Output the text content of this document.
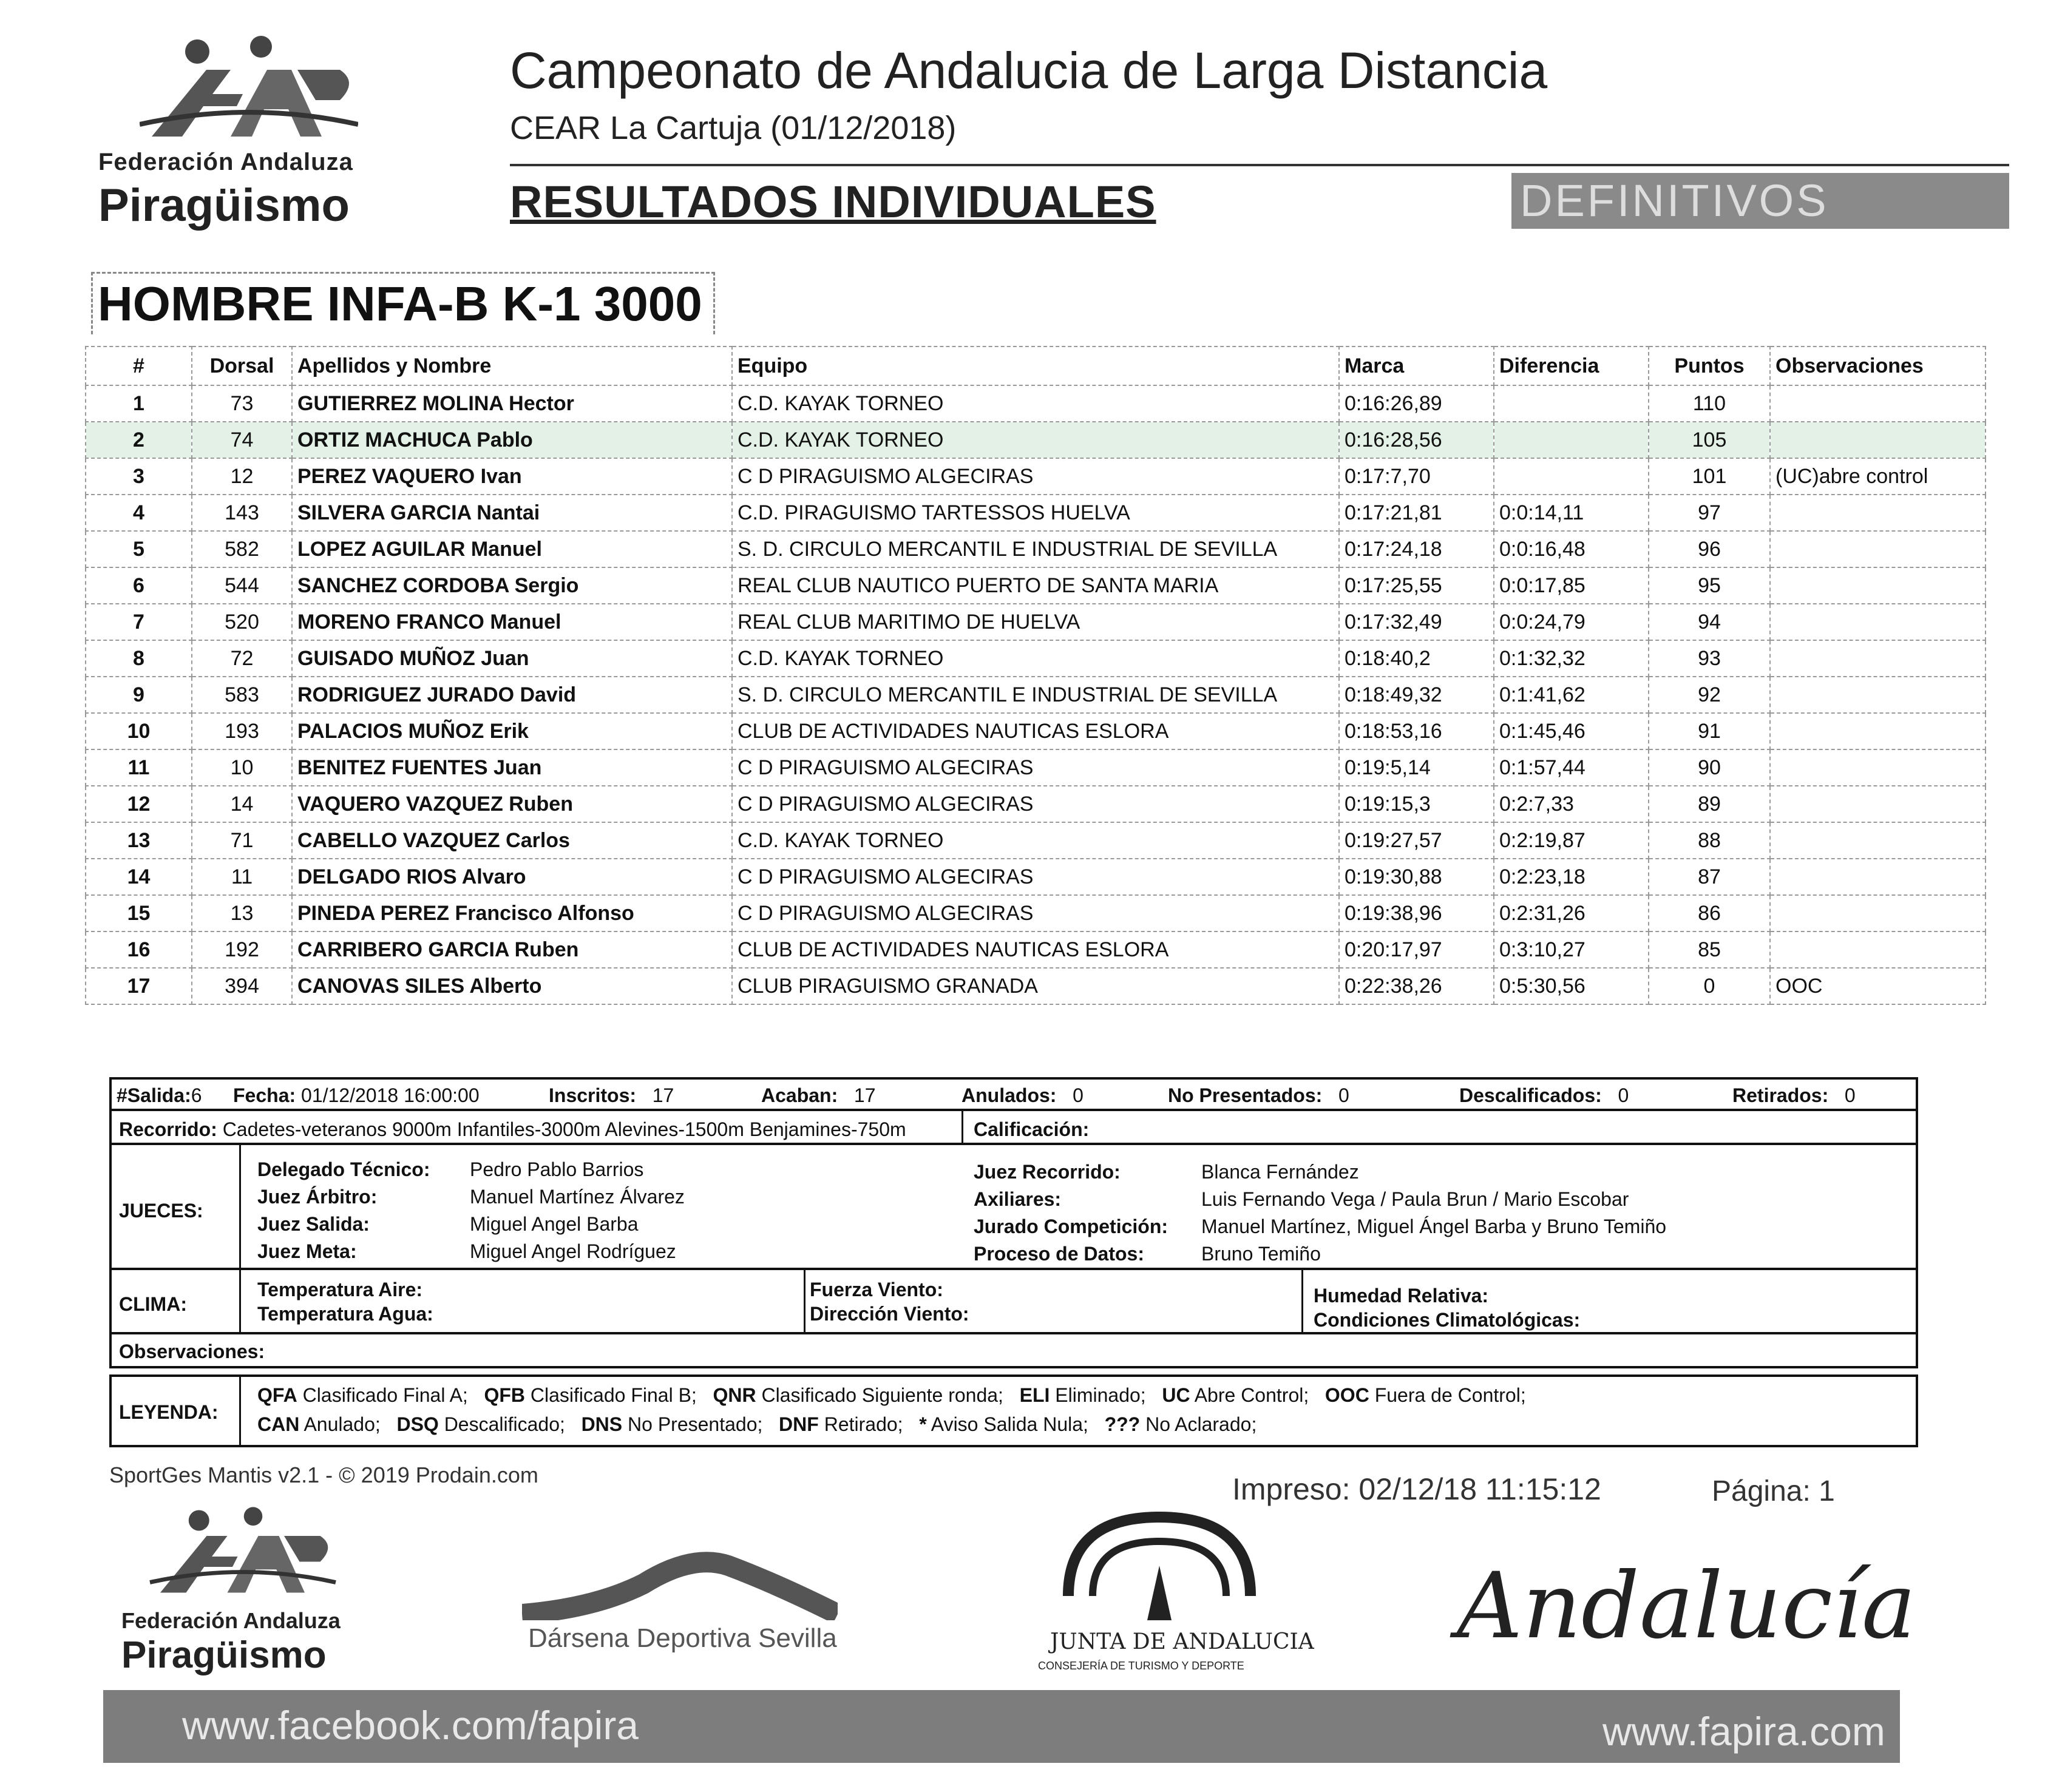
Federación Andaluza
Piragüismo
Campeonato de Andalucia de Larga Distancia
CEAR La Cartuja (01/12/2018)
RESULTADOS INDIVIDUALES	DEFINITIVOS
HOMBRE INFA-B K-1 3000
#	Dorsal	Apellidos y Nombre	Equipo	Marca	Diferencia	Puntos	Observaciones
1	73	GUTIERREZ MOLINA Hector	C.D. KAYAK TORNEO	0:16:26,89		110	
2	74	ORTIZ MACHUCA Pablo	C.D. KAYAK TORNEO	0:16:28,56		105	
3	12	PEREZ VAQUERO Ivan	C D PIRAGUISMO ALGECIRAS	0:17:7,70		101	(UC)abre control
4	143	SILVERA GARCIA Nantai	C.D. PIRAGUISMO TARTESSOS HUELVA	0:17:21,81	0:0:14,11	97	
5	582	LOPEZ AGUILAR Manuel	S. D. CIRCULO MERCANTIL E INDUSTRIAL DE SEVILLA	0:17:24,18	0:0:16,48	96	
6	544	SANCHEZ CORDOBA Sergio	REAL CLUB NAUTICO PUERTO DE SANTA MARIA	0:17:25,55	0:0:17,85	95	
7	520	MORENO FRANCO Manuel	REAL CLUB MARITIMO DE HUELVA	0:17:32,49	0:0:24,79	94	
8	72	GUISADO MUÑOZ Juan	C.D. KAYAK TORNEO	0:18:40,2	0:1:32,32	93	
9	583	RODRIGUEZ JURADO David	S. D. CIRCULO MERCANTIL E INDUSTRIAL DE SEVILLA	0:18:49,32	0:1:41,62	92	
10	193	PALACIOS MUÑOZ Erik	CLUB DE ACTIVIDADES NAUTICAS ESLORA	0:18:53,16	0:1:45,46	91	
11	10	BENITEZ FUENTES Juan	C D PIRAGUISMO ALGECIRAS	0:19:5,14	0:1:57,44	90	
12	14	VAQUERO VAZQUEZ Ruben	C D PIRAGUISMO ALGECIRAS	0:19:15,3	0:2:7,33	89	
13	71	CABELLO VAZQUEZ Carlos	C.D. KAYAK TORNEO	0:19:27,57	0:2:19,87	88	
14	11	DELGADO RIOS Alvaro	C D PIRAGUISMO ALGECIRAS	0:19:30,88	0:2:23,18	87	
15	13	PINEDA PEREZ Francisco Alfonso	C D PIRAGUISMO ALGECIRAS	0:19:38,96	0:2:31,26	86	
16	192	CARRIBERO GARCIA Ruben	CLUB DE ACTIVIDADES NAUTICAS ESLORA	0:20:17,97	0:3:10,27	85	
17	394	CANOVAS SILES Alberto	CLUB PIRAGUISMO GRANADA	0:22:38,26	0:5:30,56	0	OOC
#Salida:6 Fecha: 01/12/2018 16:00:00	Inscritos: 17	Acaban: 17	Anulados: 0	No Presentados: 0	Descalificados: 0	Retirados: 0
Recorrido: Cadetes-veteranos 9000m Infantiles-3000m Alevines-1500m Benjamines-750m	Calificación:
JUECES:
Delegado Técnico: Pedro Pablo Barrios
Juez Árbitro:	Manuel Martínez Álvarez
Juez Salida:	Miguel Angel Barba
Juez Meta:	Miguel Angel Rodríguez
Juez Recorrido:	Blanca Fernández
Axiliares:	Luis Fernando Vega / Paula Brun / Mario Escobar
Jurado Competición: Manuel Martínez, Miguel Ángel Barba y Bruno Temiño
Proceso de Datos:	Bruno Temiño
CLIMA:
Temperatura Aire:
Temperatura Agua:
Fuerza Viento:
Dirección Viento:
Humedad Relativa:
Condiciones Climatológicas:
Observaciones:
LEYENDA:
QFA Clasificado Final A; QFB Clasificado Final B; QNR Clasificado Siguiente ronda; ELI Eliminado; UC Abre Control; OOC Fuera de Control;
CAN Anulado; DSQ Descalificado; DNS No Presentado; DNF Retirado; * Aviso Salida Nula; ??? No Aclarado;
SportGes Mantis v2.1 - © 2019 Prodain.com	Impreso: 02/12/18 11:15:12	Página: 1
Federación Andaluza
Piragüismo	Dársena Deportiva Sevilla	JUNTA DE ANDALUCIA
CONSEJERÍA DE TURISMO Y DEPORTE
Andalucía
www.facebook.com/fapira	www.fapira.com
